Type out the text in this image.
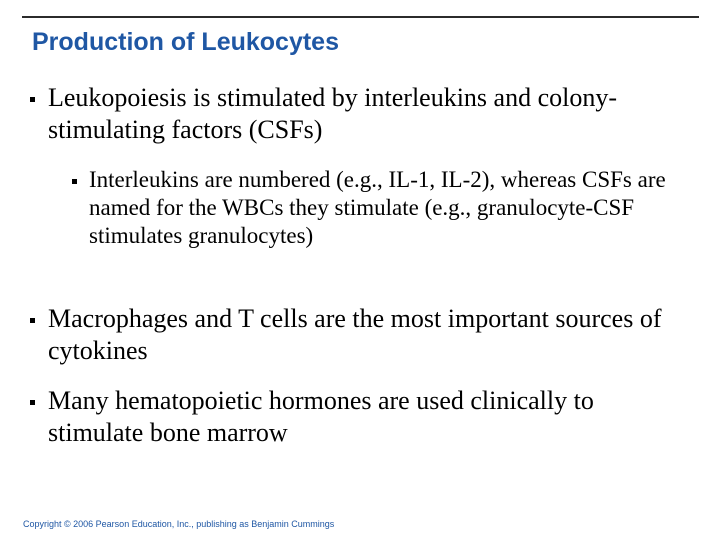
Production of Leukocytes
Leukopoiesis is stimulated by interleukins and colony-stimulating factors (CSFs)
Interleukins are numbered (e.g., IL-1, IL-2), whereas CSFs are named for the WBCs they stimulate (e.g., granulocyte-CSF stimulates granulocytes)
Macrophages and T cells are the most important sources of cytokines
Many hematopoietic hormones are used clinically to stimulate bone marrow
Copyright © 2006 Pearson Education, Inc., publishing as Benjamin Cummings
